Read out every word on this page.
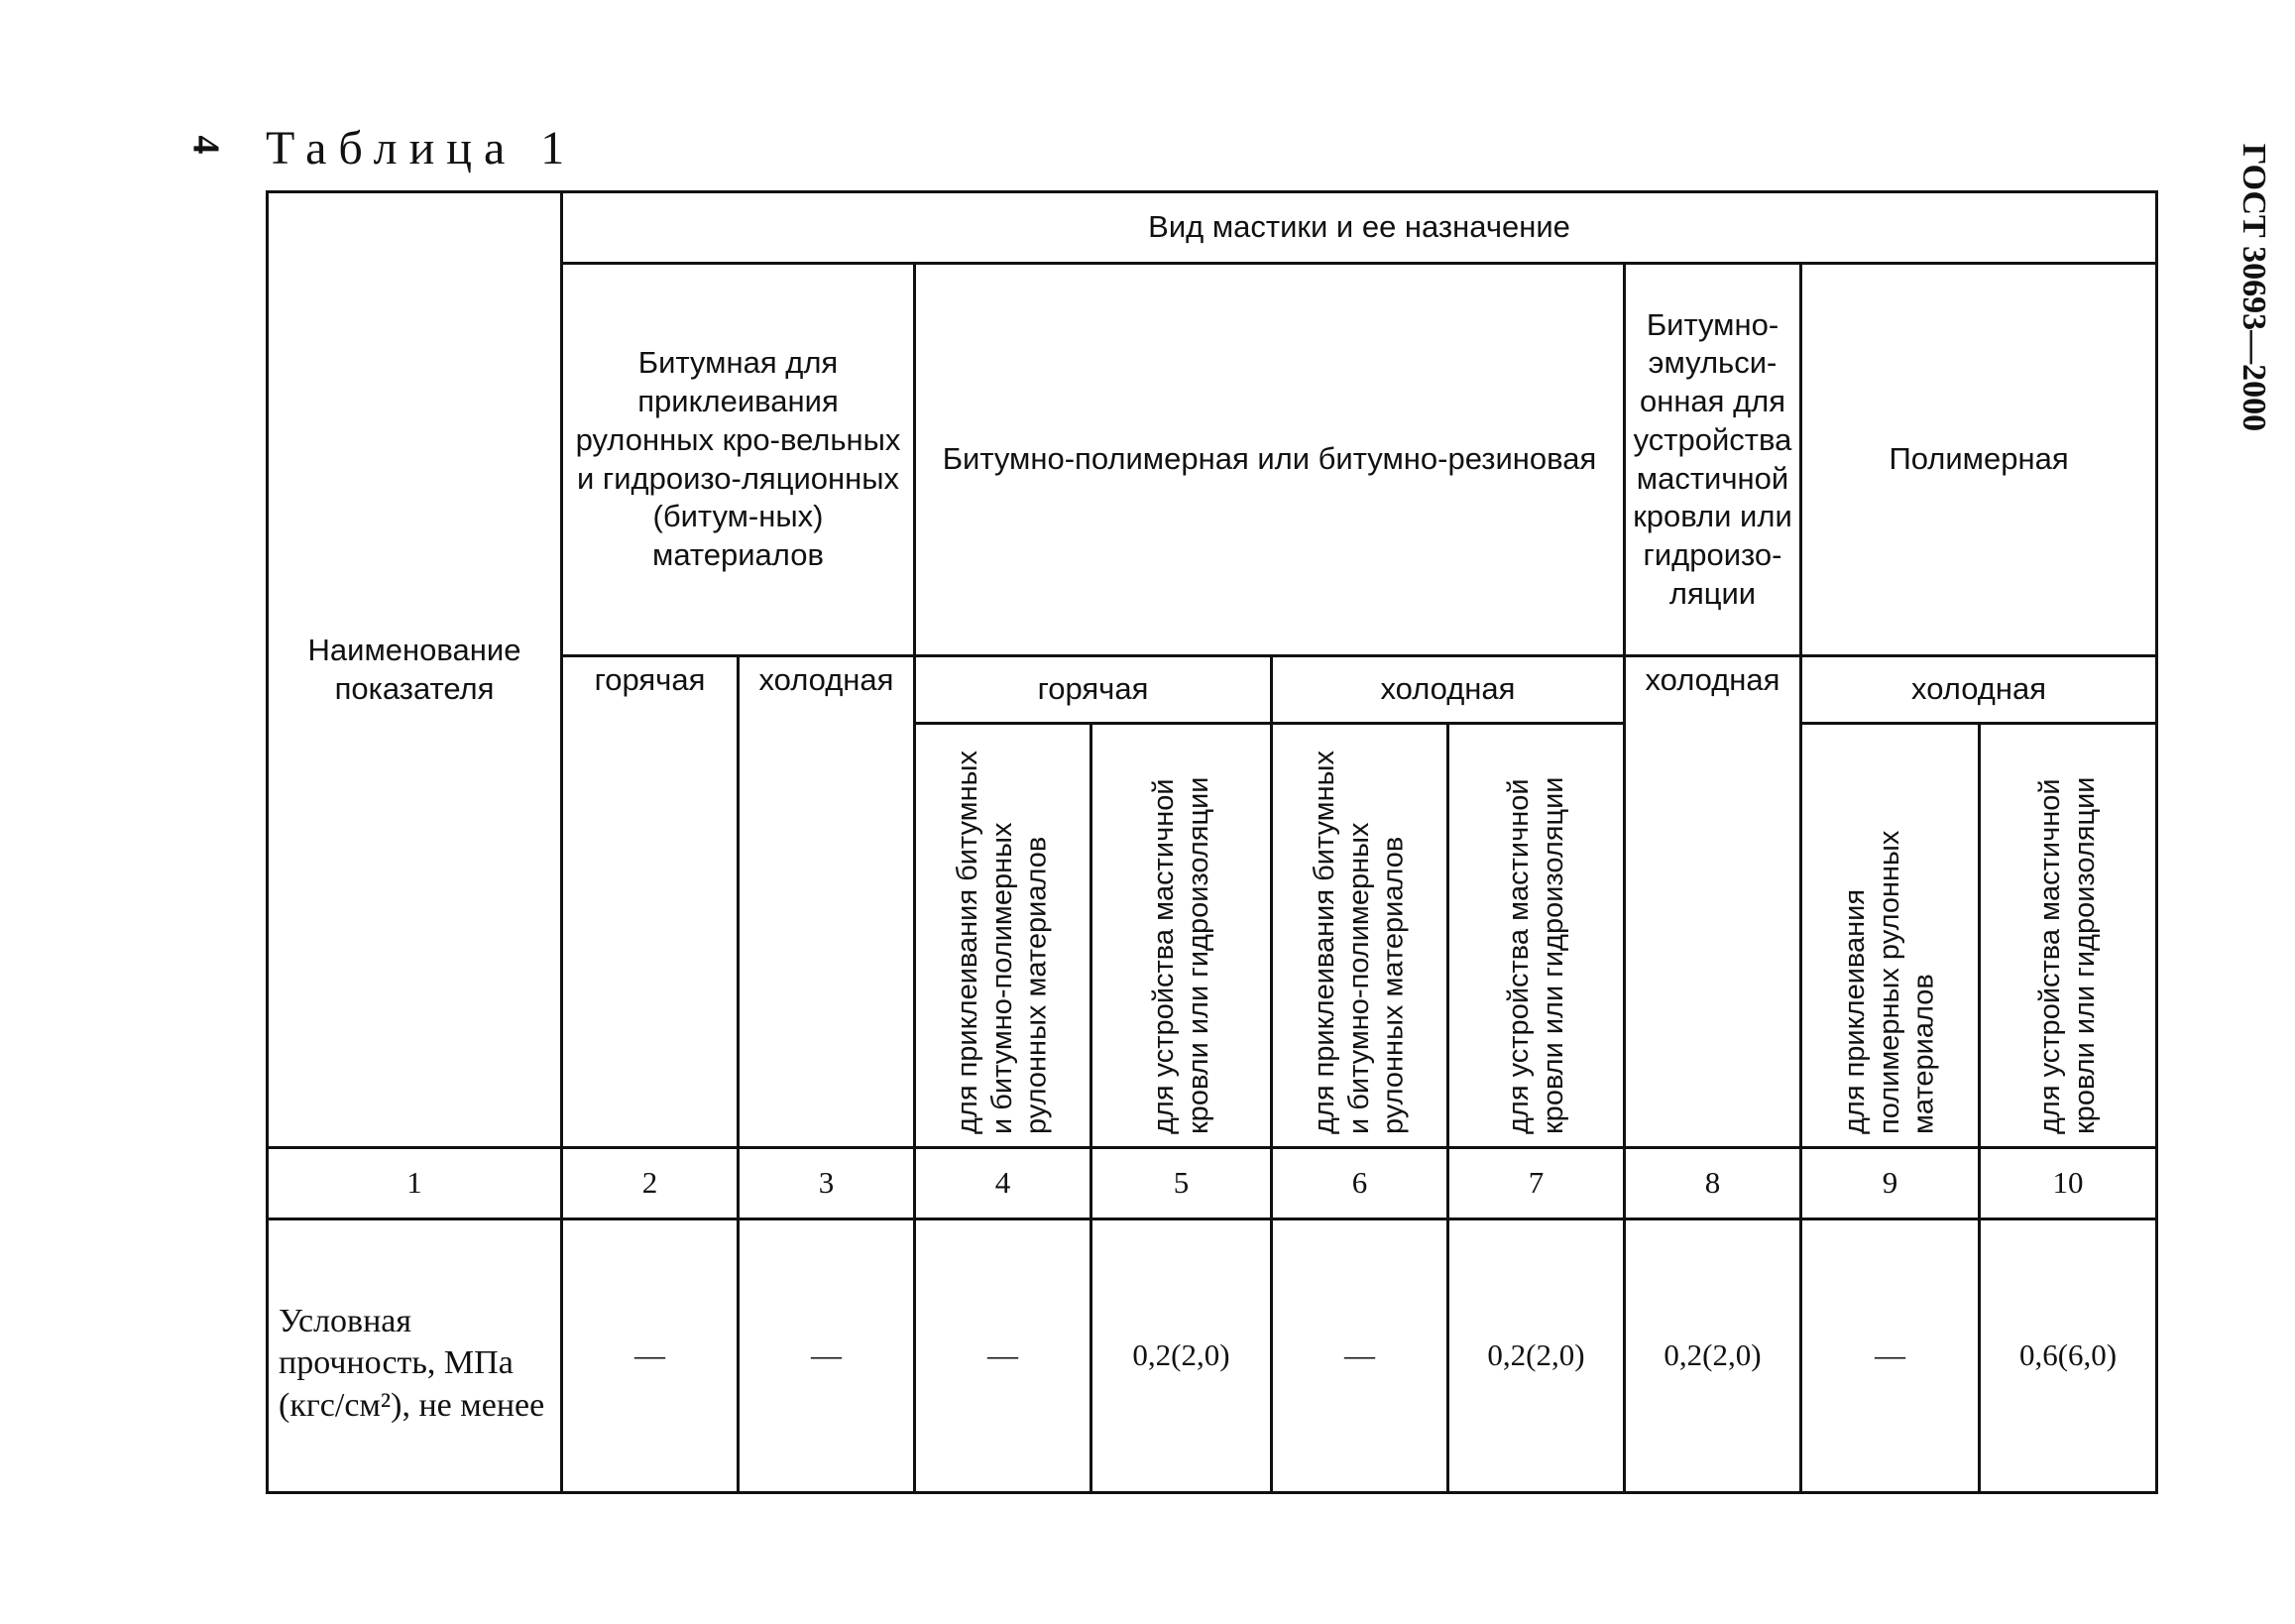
4 Таблица 1	ГОСТ 30693—2000
Наименование показателя	Вид мастики и ее назначение								
	Битумная для приклеивания рулонных кро-вельных и гидроизо-ляционных (битум-ных) материалов		Битумно-полимерная или битумно-резиновая				Битумно-эмульси-онная для устройства мастичной кровли или гидроизо-ляции	Полимерная	
	горячая	холодная	горячая		холодная		холодная	холодная	

			для приклеивания битумных и битумно-полимерных рулонных материалов	для устройства мастичной кровли или гидроизоляции	для приклеивания битумных и битумно-полимерных рулонных материалов	для устройства мастичной кровли или гидроизоляции		для приклеивания полимерных рулонных материалов	для устройства мастичной кровли или гидроизоляции

1	2	3	4	5	6	7	8	9	10
Условная прочность, МПа (кгс/см²), не менее	—	—	—	0,2(2,0)	—	0,2(2,0)	0,2(2,0)	—	0,6(6,0)
